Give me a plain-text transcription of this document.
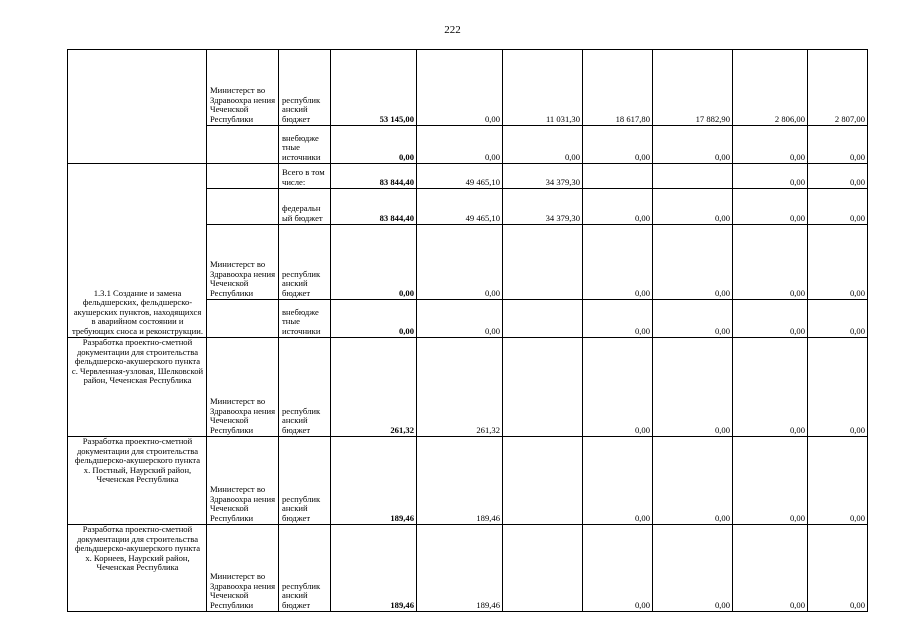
222
	Министерст во Здравоохра нения Чеченской Республики	республик анский бюджет	53 145,00	0,00	11 031,30	18 617,80	17 882,90	2 806,00	2 807,00
		внебюдже тные источники	0,00	0,00	0,00	0,00	0,00	0,00	0,00
1.3.1 Создание и замена фельдшерских, фельдшерско-акушерских пунктов, находящихся в аварийном состоянии и требующих сноса и реконструкции.		Всего в том числе:	83 844,40	49 465,10	34 379,30			0,00	0,00
		федеральн ый бюджет	83 844,40	49 465,10	34 379,30	0,00	0,00	0,00	0,00
	Министерст во Здравоохра нения Чеченской Республики	республик анский бюджет	0,00	0,00		0,00	0,00	0,00	0,00
		внебюдже тные источники	0,00	0,00		0,00	0,00	0,00	0,00
Разработка проектно-сметной документации для строительства фельдшерско-акушерского пункта с. Червленная-узловая, Шелковской район, Чеченская Республика	Министерст во Здравоохра нения Чеченской Республики	республик анский бюджет	261,32	261,32		0,00	0,00	0,00	0,00
Разработка проектно-сметной документации для строительства фельдшерско-акушерского пункта х. Постный, Наурский район, Чеченская Республика	Министерст во Здравоохра нения Чеченской Республики	республик анский бюджет	189,46	189,46		0,00	0,00	0,00	0,00
Разработка проектно-сметной документации для строительства фельдшерско-акушерского пункта х. Корнеев, Наурский район, Чеченская Республика	Министерст во Здравоохра нения Чеченской Республики	республик анский бюджет	189,46	189,46		0,00	0,00	0,00	0,00
